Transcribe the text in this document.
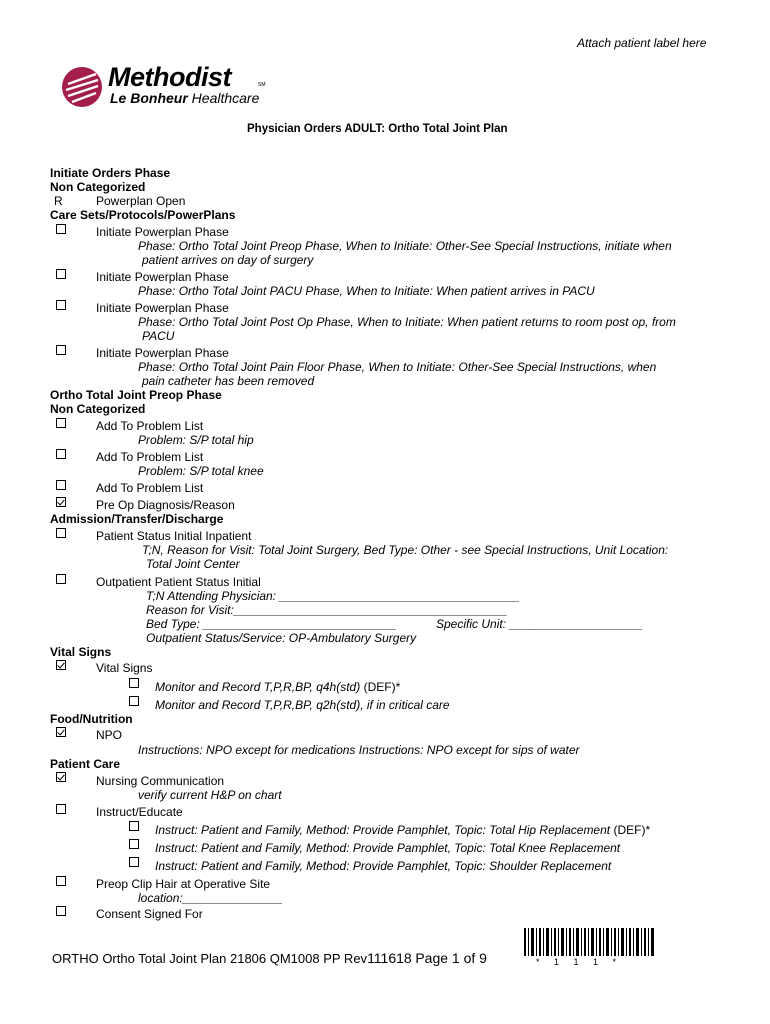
Attach patient label here
Methodist	SM
Le Bonheur Healthcare
Physician Orders ADULT: Ortho Total Joint Plan
Initiate Orders Phase
Non Categorized
R	Powerplan Open
Care Sets/Protocols/PowerPlans
Initiate Powerplan Phase
Phase: Ortho Total Joint Preop Phase, When to Initiate: Other-See Special Instructions, initiate when
patient arrives on day of surgery
Initiate Powerplan Phase
Phase: Ortho Total Joint PACU Phase, When to Initiate: When patient arrives in PACU
Initiate Powerplan Phase
Phase: Ortho Total Joint Post Op Phase, When to Initiate: When patient returns to room post op, from
PACU
Initiate Powerplan Phase
Phase: Ortho Total Joint Pain Floor Phase, When to Initiate: Other-See Special Instructions, when
pain catheter has been removed
Ortho Total Joint Preop Phase
Non Categorized
Add To Problem List
Problem: S/P total hip
Add To Problem List
Problem: S/P total knee
Add To Problem List
Pre Op Diagnosis/Reason
Admission/Transfer/Discharge
Patient Status Initial Inpatient
T;N, Reason for Visit: Total Joint Surgery, Bed Type: Other - see Special Instructions, Unit Location:
Total Joint Center
Outpatient Patient Status Initial
T;N Attending Physician: ____________________________________
Reason for Visit:_________________________________________
Bed Type: _____________________________	Specific Unit: ____________________
Outpatient Status/Service: OP-Ambulatory Surgery
Vital Signs
Vital Signs
Monitor and Record T,P,R,BP, q4h(std) (DEF)*
Monitor and Record T,P,R,BP, q2h(std), if in critical care
Food/Nutrition
NPO
Instructions: NPO except for medications Instructions: NPO except for sips of water
Patient Care
Nursing Communication
verify current H&P on chart
Instruct/Educate
Instruct: Patient and Family, Method: Provide Pamphlet, Topic: Total Hip Replacement (DEF)*
Instruct: Patient and Family, Method: Provide Pamphlet, Topic: Total Knee Replacement
Instruct: Patient and Family, Method: Provide Pamphlet, Topic: Shoulder Replacement
Preop Clip Hair at Operative Site
location:_______________
Consent Signed For
ORTHO Ortho Total Joint Plan 21806 QM1008 PP Rev111618 Page 1 of 9	* 1 1 1 *
